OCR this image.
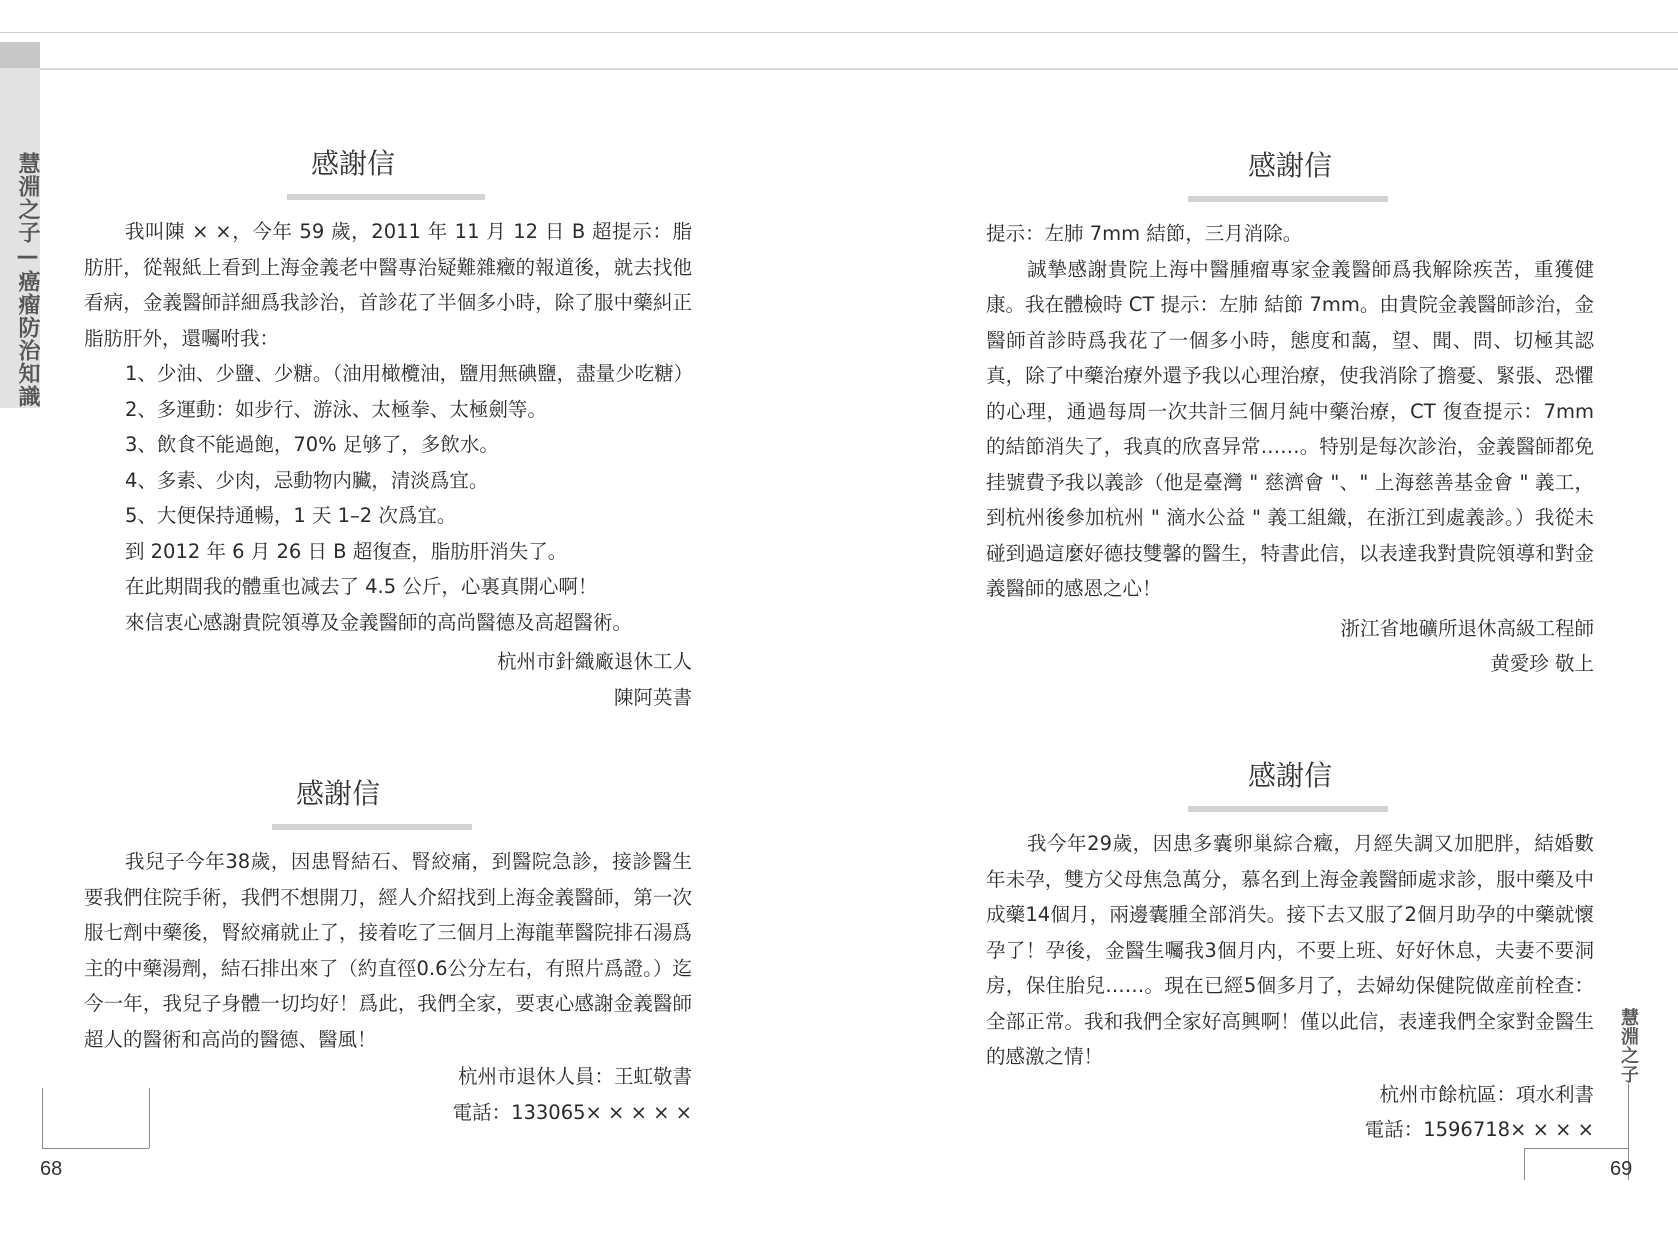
慧淵之子—癌瘤防治知識
慧淵之子
68	69
感謝信

我叫陳 × ×，今年 59 歲，2011 年 11 月 12 日 B 超提示：脂肪肝，從報紙上看到上海金義老中醫專治疑難雜癥的報道後，就去找他看病，金義醫師詳細爲我診治，首診花了半個多小時，除了服中藥糾正脂肪肝外，還囑咐我：

1、少油、少鹽、少糖。（油用橄欖油，鹽用無碘鹽，盡量少吃糖）

2、多運動：如步行、游泳、太極拳、太極劍等。

3、飲食不能過飽，70% 足够了，多飲水。

4、多素、少肉，忌動物内臟，清淡爲宜。

5、大便保持通暢，1 天 1–2 次爲宜。

到 2012 年 6 月 26 日 B 超復查，脂肪肝消失了。

在此期間我的體重也减去了 4.5 公斤，心裏真開心啊！

來信衷心感謝貴院領導及金義醫師的高尚醫德及高超醫術。

杭州市針織廠退休工人
陳阿英書
感謝信

我兒子今年38歲，因患腎結石、腎絞痛，到醫院急診，接診醫生要我們住院手術，我們不想開刀，經人介紹找到上海金義醫師，第一次服七劑中藥後，腎絞痛就止了，接着吃了三個月上海龍華醫院排石湯爲主的中藥湯劑，結石排出來了（約直徑0.6公分左右，有照片爲證。）迄今一年，我兒子身體一切均好！爲此，我們全家，要衷心感謝金義醫師超人的醫術和高尚的醫德、醫風！

杭州市退休人員：王虹敬書
電話：133065× × × × ×
感謝信

提示：左肺 7mm 結節，三月消除。

誠摯感謝貴院上海中醫腫瘤專家金義醫師爲我解除疾苦，重獲健康。我在體檢時 CT 提示：左肺 結節 7mm。由貴院金義醫師診治，金醫師首診時爲我花了一個多小時，態度和藹，望、聞、問、切極其認真，除了中藥治療外還予我以心理治療，使我消除了擔憂、緊張、恐懼的心理，通過每周一次共計三個月純中藥治療，CT 復查提示：7mm 的結節消失了，我真的欣喜异常……。特别是每次診治，金義醫師都免挂號費予我以義診（他是臺灣 " 慈濟會 "、" 上海慈善基金會 " 義工，到杭州後參加杭州 " 滴水公益 " 義工組織，在浙江到處義診。）我從未碰到過這麼好德技雙馨的醫生，特書此信，以表達我對貴院領導和對金義醫師的感恩之心！

浙江省地礦所退休高級工程師
黄愛珍 敬上
感謝信

我今年29歲，因患多囊卵巢綜合癥，月經失調又加肥胖，結婚數年未孕，雙方父母焦急萬分，慕名到上海金義醫師處求診，服中藥及中成藥14個月，兩邊囊腫全部消失。接下去又服了2個月助孕的中藥就懷孕了！孕後，金醫生囑我3個月内，不要上班、好好休息，夫妻不要洞房，保住胎兒……。現在已經5個多月了，去婦幼保健院做産前栓查：全部正常。我和我們全家好高興啊！僅以此信，表達我們全家對金醫生的感激之情！

杭州市餘杭區：項水利書
電話：1596718× × × ×
